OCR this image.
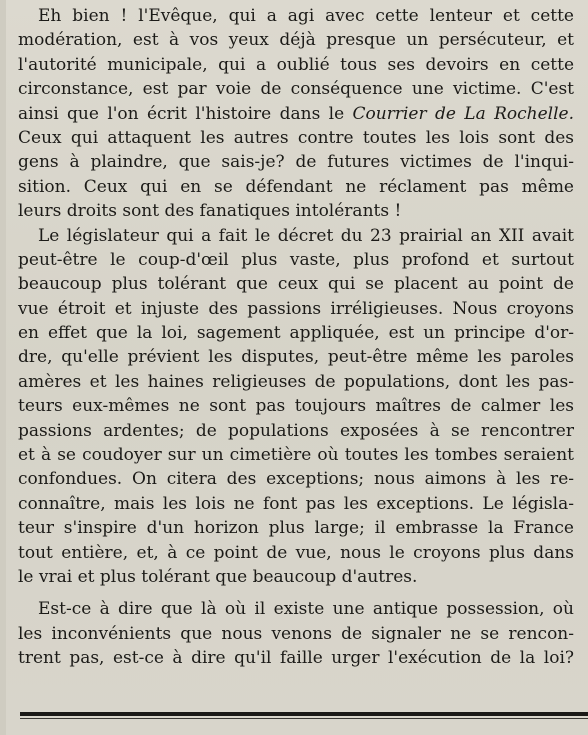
Eh bien ! l'Evêque, qui a agi avec cette lenteur et cette
modération, est à vos yeux déjà presque un persécuteur, et
l'autorité municipale, qui a oublié tous ses devoirs en cette
circonstance, est par voie de conséquence une victime. C'est
ainsi que l'on écrit l'histoire dans le Courrier de La Rochelle.
Ceux qui attaquent les autres contre toutes les lois sont des
gens à plaindre, que sais-je? de futures victimes de l'inqui-
sition. Ceux qui en se défendant ne réclament pas même
leurs droits sont des fanatiques intolérants !
Le législateur qui a fait le décret du 23 prairial an XII avait
peut-être le coup-d'œil plus vaste, plus profond et surtout
beaucoup plus tolérant que ceux qui se placent au point de
vue étroit et injuste des passions irréligieuses. Nous croyons
en effet que la loi, sagement appliquée, est un principe d'or-
dre, qu'elle prévient les disputes, peut-être même les paroles
amères et les haines religieuses de populations, dont les pas-
teurs eux-mêmes ne sont pas toujours maîtres de calmer les
passions ardentes; de populations exposées à se rencontrer
et à se coudoyer sur un cimetière où toutes les tombes seraient
confondues. On citera des exceptions; nous aimons à les re-
connaître, mais les lois ne font pas les exceptions. Le législa-
teur s'inspire d'un horizon plus large; il embrasse la France
tout entière, et, à ce point de vue, nous le croyons plus dans
le vrai et plus tolérant que beaucoup d'autres.
Est-ce à dire que là où il existe une antique possession, où
les inconvénients que nous venons de signaler ne se rencon-
trent pas, est-ce à dire qu'il faille urger l'exécution de la loi?
